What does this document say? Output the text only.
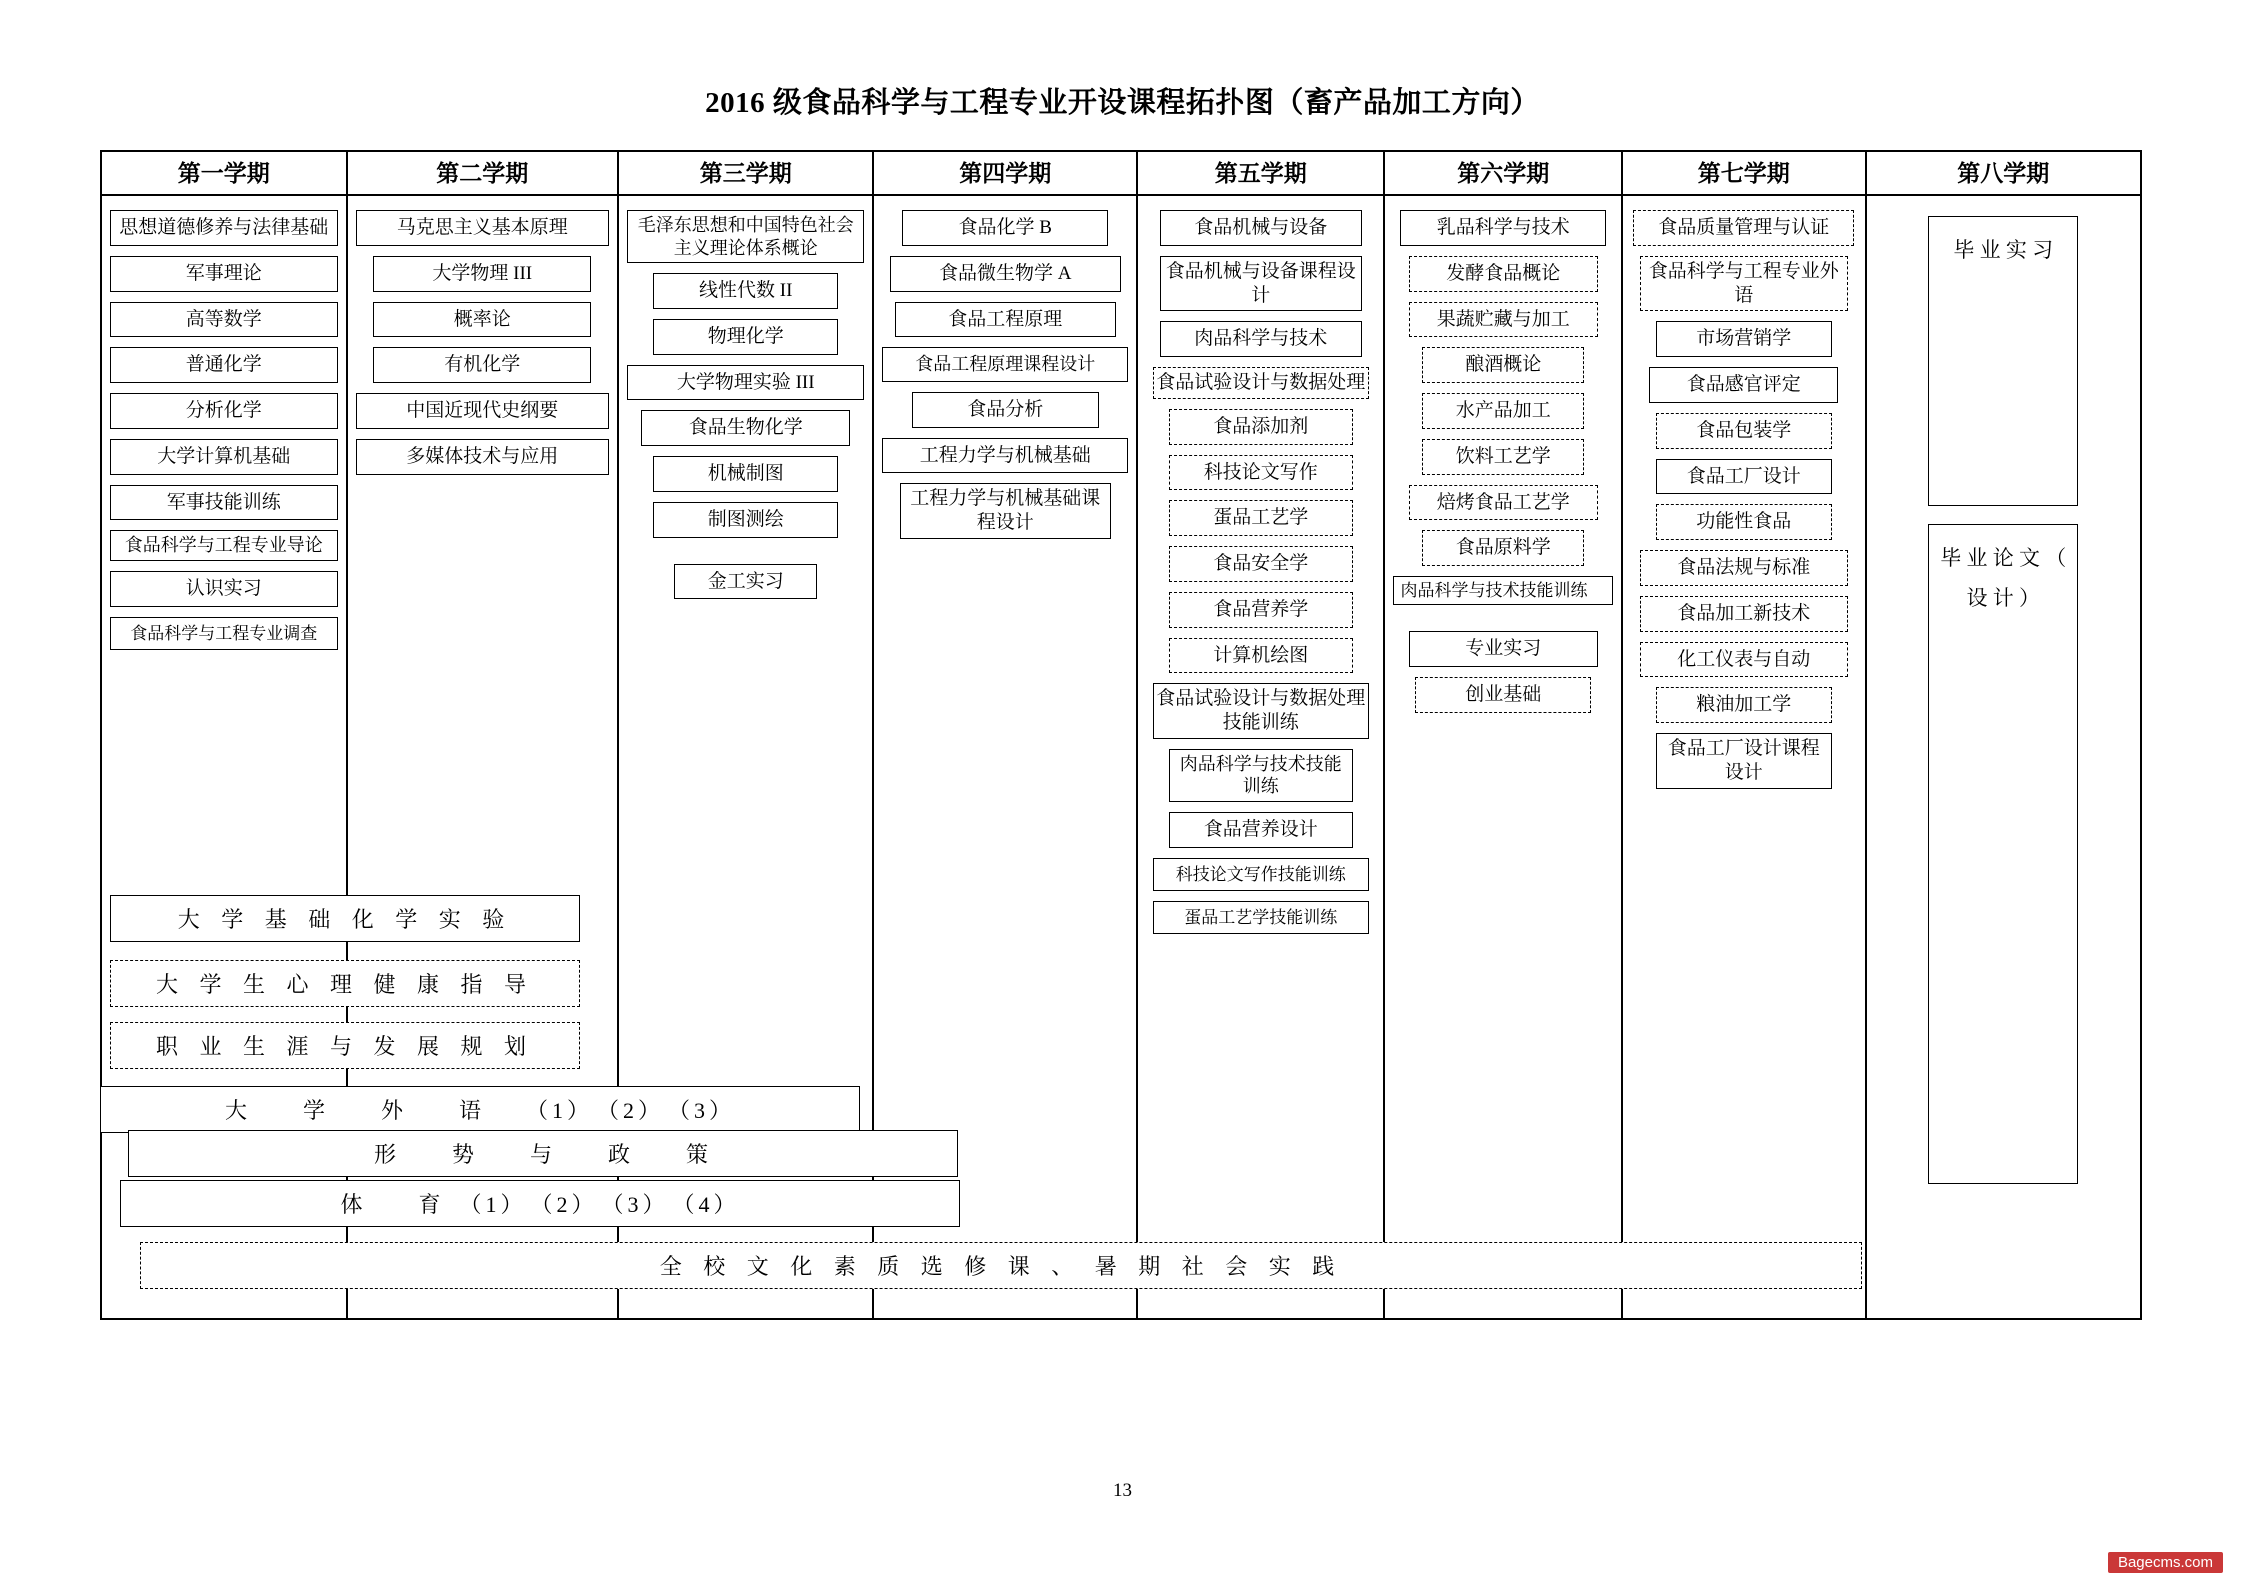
2016 级食品科学与工程专业开设课程拓扑图（畜产品加工方向）
第一学期
思想道德修养与法律基础
军事理论
高等数学
普通化学
分析化学
大学计算机基础
军事技能训练
食品科学与工程专业导论
认识实习
食品科学与工程专业调查
第二学期
马克思主义基本原理
大学物理 III
概率论
有机化学
中国近现代史纲要
多媒体技术与应用
第三学期
毛泽东思想和中国特色社会主义理论体系概论
线性代数 II
物理化学
大学物理实验 III
食品生物化学
机械制图
制图测绘
金工实习
第四学期
食品化学 B
食品微生物学 A
食品工程原理
食品工程原理课程设计
食品分析
工程力学与机械基础
工程力学与机械基础课程设计
第五学期
食品机械与设备
食品机械与设备课程设计
肉品科学与技术
食品试验设计与数据处理
食品添加剂
科技论文写作
蛋品工艺学
食品安全学
食品营养学
计算机绘图
食品试验设计与数据处理技能训练
肉品科学与技术技能训练
食品营养设计
科技论文写作技能训练
蛋品工艺学技能训练
第六学期
乳品科学与技术
发酵食品概论
果蔬贮藏与加工
酿酒概论
水产品加工
饮料工艺学
焙烤食品工艺学
食品原料学
肉品科学与技术技能训练
专业实习
创业基础
第七学期
食品质量管理与认证
食品科学与工程专业外语
市场营销学
食品感官评定
食品包装学
食品工厂设计
功能性食品
食品法规与标准
食品加工新技术
化工仪表与自动
粮油加工学
食品工厂设计课程设计
第八学期
毕 业 实 习
毕 业 论 文 （ 设 计 ）
大 学 基 础 化 学 实 验
大 学 生 心 理 健 康 指 导
职 业 生 涯 与 发 展 规 划
大　　学　　外　　语　　（1）　（2）　（3）
形　　势　　与　　政　　策
体　　育　（1）　（2）　（3）　（4）
全 校 文 化 素 质 选 修 课 、 暑 期 社 会 实 践
13
Bagecms.com
